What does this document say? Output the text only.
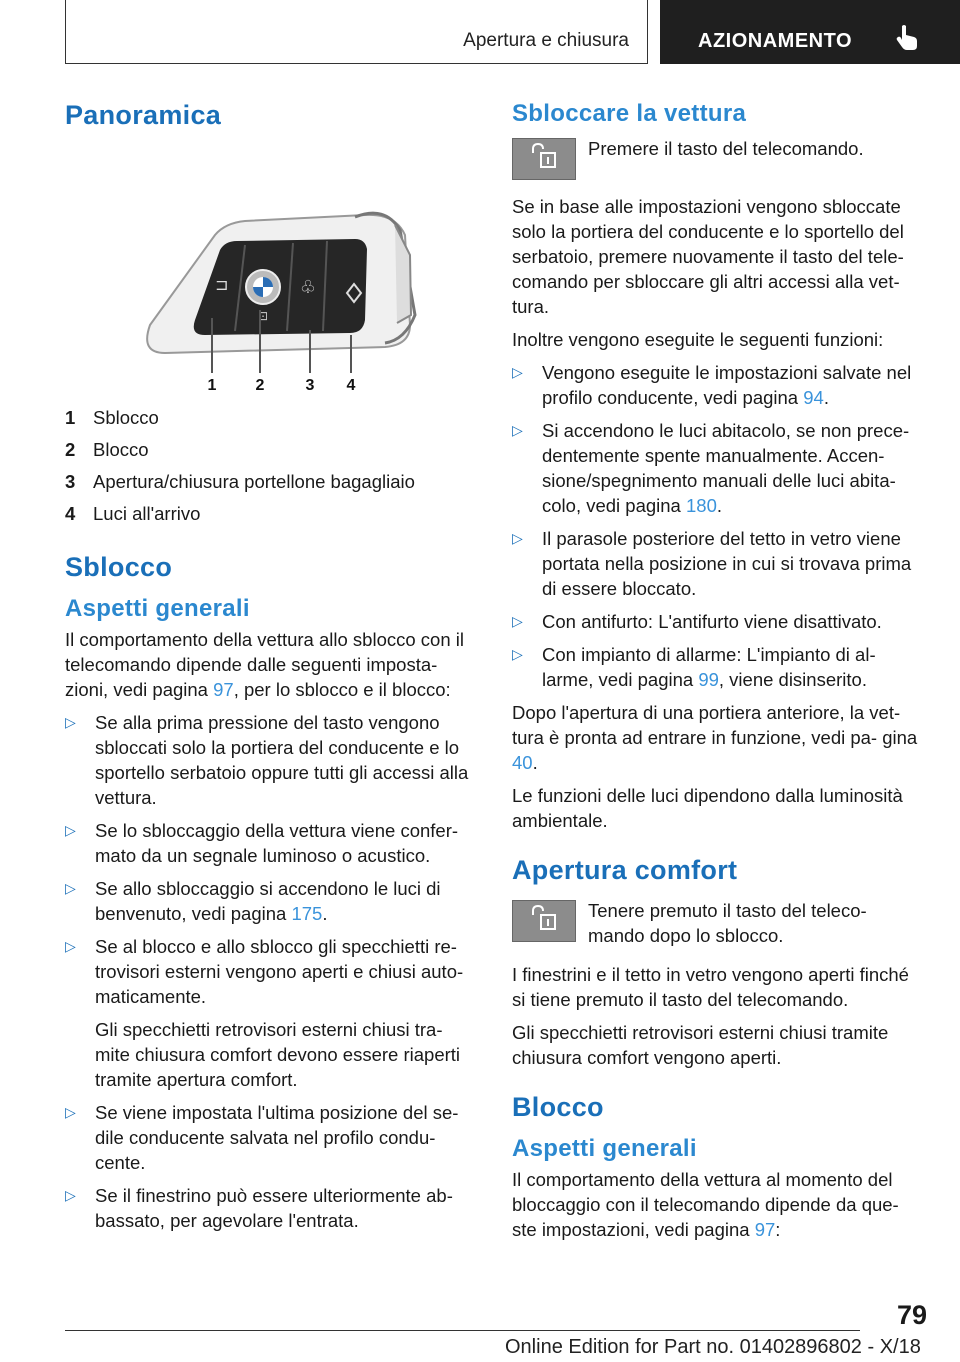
Apertura e chiusura	AZIONAMENTO
Panoramica
⊐
⊡
♧
1 2	3 4
1 Sblocco
2 Blocco
3 Apertura/chiusura portellone bagagliaio
4 Luci all'arrivo
Sblocco
Aspetti generali

Il comportamento della vettura allo sblocco con il telecomando dipende dalle seguenti imposta- zioni, vedi pagina 97, per lo sblocco e il blocco:

▷ Se alla prima pressione del tasto vengono sbloccati solo la portiera del conducente e lo sportello serbatoio oppure tutti gli accessi alla vettura.
▷ Se lo sbloccaggio della vettura viene confer- mato da un segnale luminoso o acustico.
▷ Se allo sbloccaggio si accendono le luci di benvenuto, vedi pagina 175.
▷ Se al blocco e allo sblocco gli specchietti re- trovisori esterni vengono aperti e chiusi auto- maticamente.
Gli specchietti retrovisori esterni chiusi tra- mite chiusura comfort devono essere riaperti tramite apertura comfort.
▷ Se viene impostata l'ultima posizione del se- dile conducente salvata nel profilo condu- cente.
▷ Se il finestrino può essere ulteriormente ab- bassato, per agevolare l'entrata.
Sbloccare la vettura

Premere il tasto del telecomando.

Se in base alle impostazioni vengono sbloccate solo la portiera del conducente e lo sportello del serbatoio, premere nuovamente il tasto del tele- comando per sbloccare gli altri accessi alla vet- tura.

Inoltre vengono eseguite le seguenti funzioni:

▷ Vengono eseguite le impostazioni salvate nel profilo conducente, vedi pagina 94.
▷ Si accendono le luci abitacolo, se non prece- dentemente spente manualmente. Accen- sione/spegnimento manuali delle luci abita- colo, vedi pagina 180.
▷ Il parasole posteriore del tetto in vetro viene portata nella posizione in cui si trovava prima di essere bloccato.
▷ Con antifurto: L'antifurto viene disattivato.
▷ Con impianto di allarme: L'impianto di al- larme, vedi pagina 99, viene disinserito.

Dopo l'apertura di una portiera anteriore, la vet- tura è pronta ad entrare in funzione, vedi pa- gina 40.

Le funzioni delle luci dipendono dalla luminosità ambientale.

Apertura comfort

Tenere premuto il tasto del teleco- mando dopo lo sblocco.

I finestrini e il tetto in vetro vengono aperti finché si tiene premuto il tasto del telecomando.

Gli specchietti retrovisori esterni chiusi tramite chiusura comfort vengono aperti.

Blocco
Aspetti generali

Il comportamento della vettura al momento del bloccaggio con il telecomando dipende da que- ste impostazioni, vedi pagina 97:

79
Online Edition for Part no. 01402896802 - X/18
